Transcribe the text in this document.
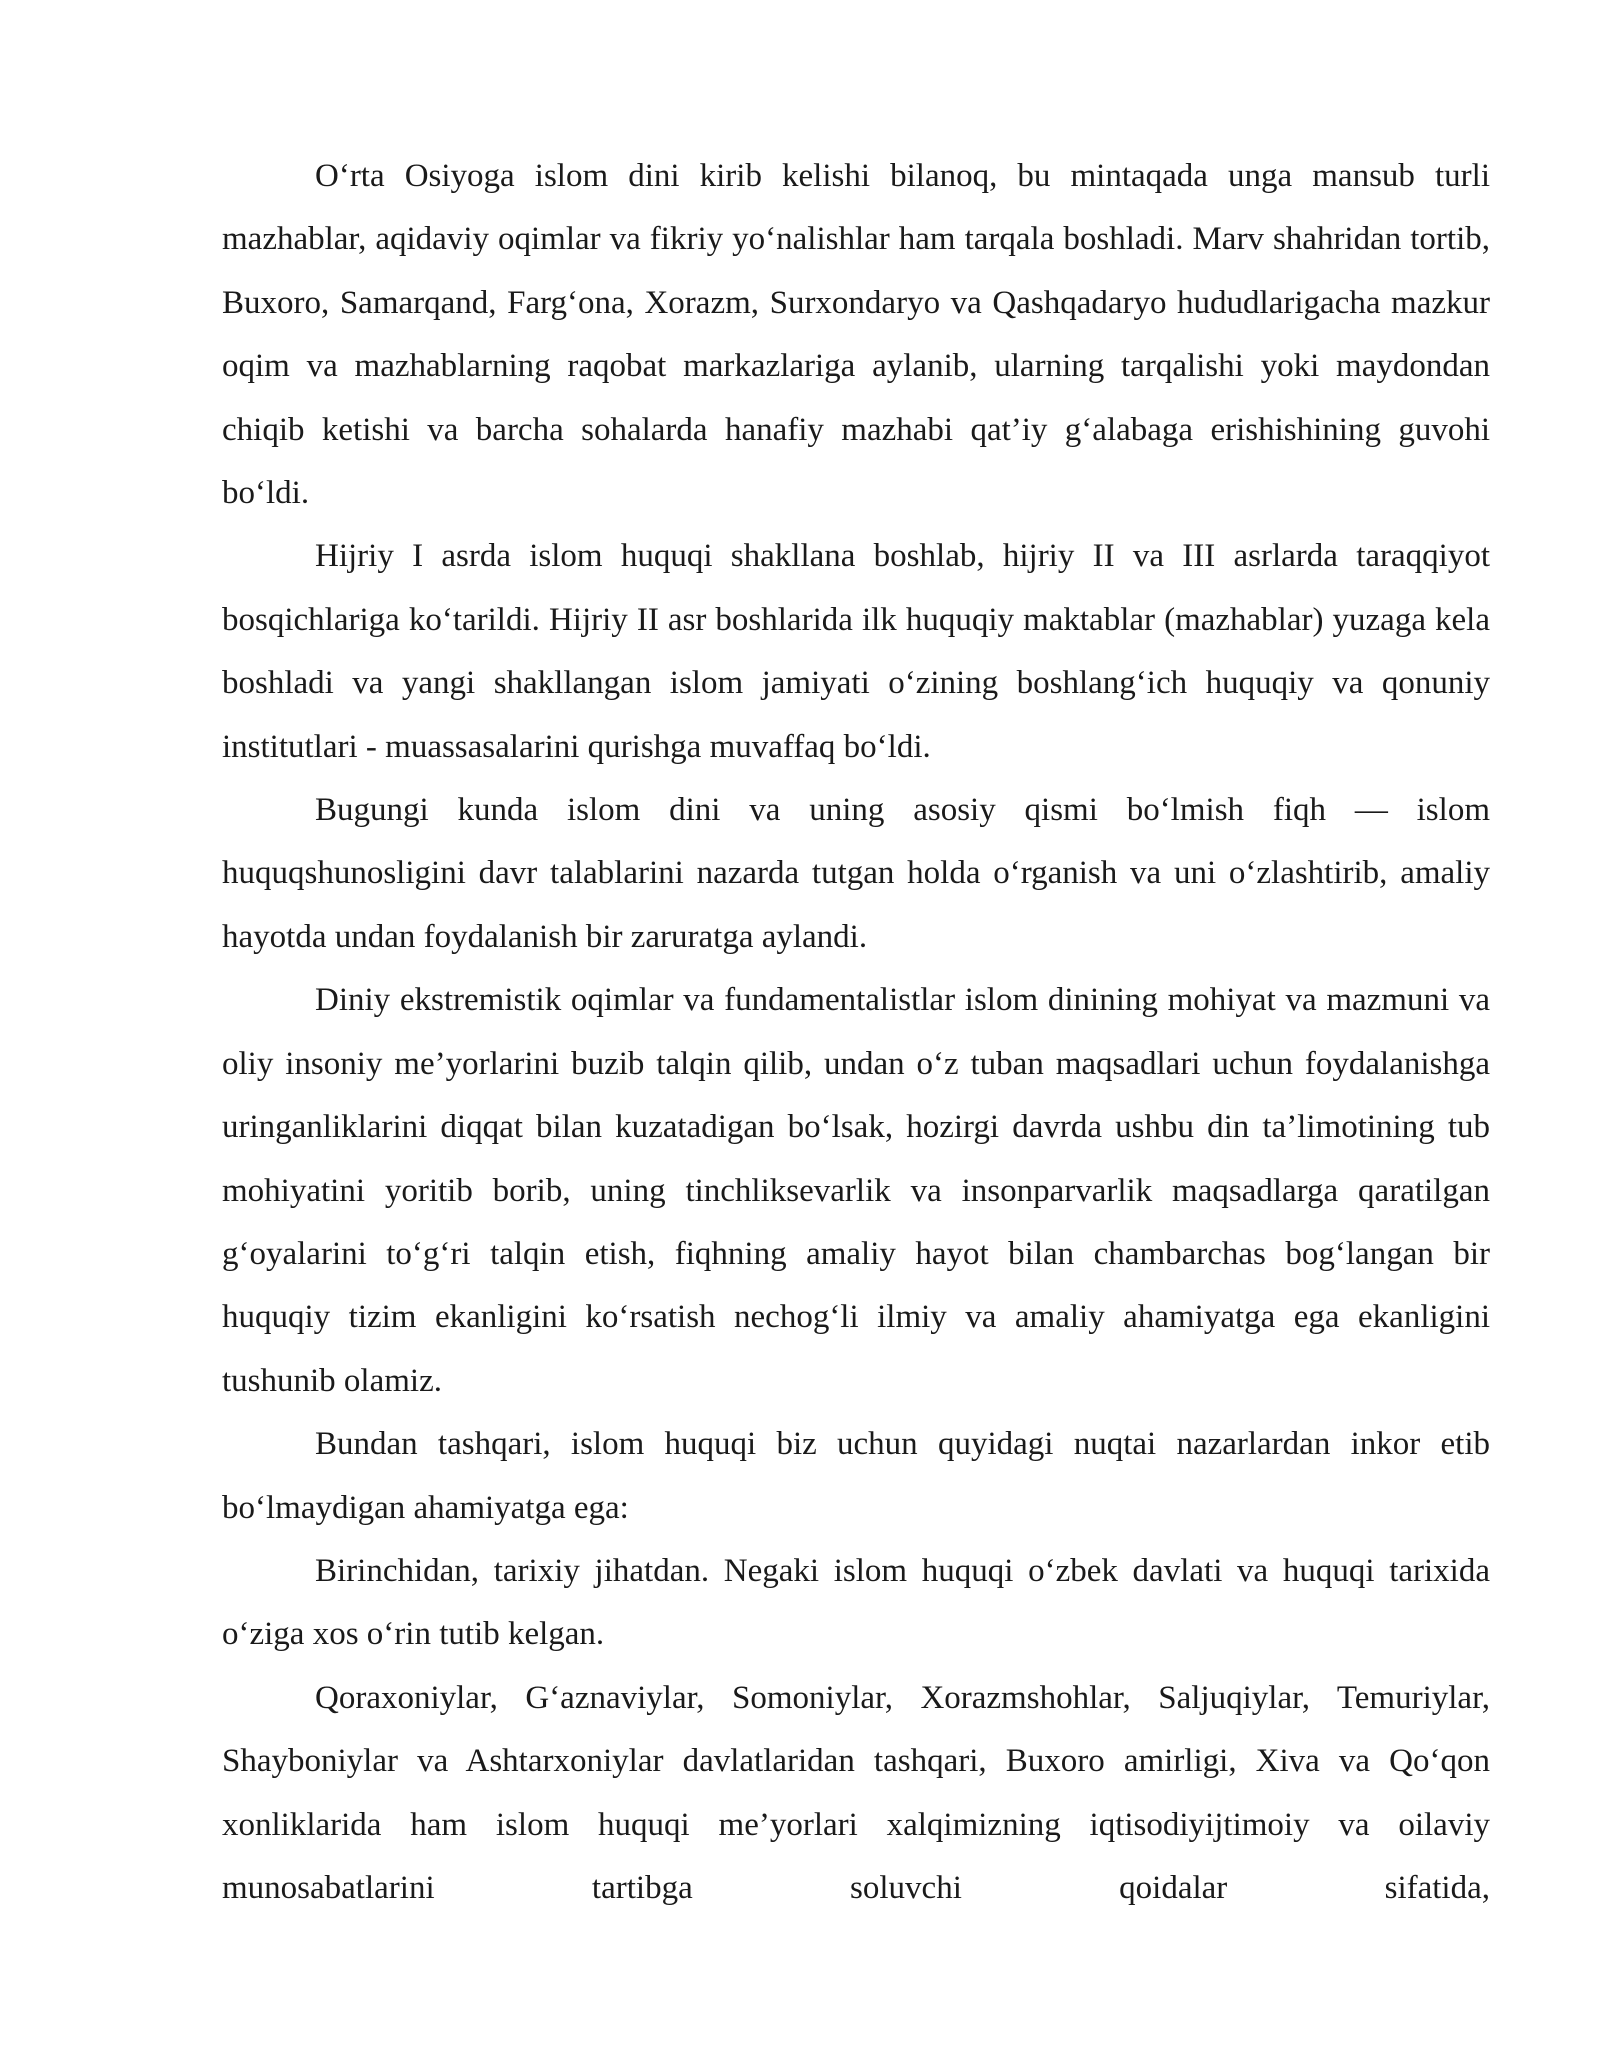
O‘rta Osiyoga islom dini kirib kelishi bilanoq, bu mintaqada unga mansub turli mazhablar, aqidaviy oqimlar va fikriy yo‘nalishlar ham tarqala boshladi. Marv shahridan tortib, Buxoro, Samarqand, Farg‘ona, Xorazm, Surxondaryo va Qashqadaryo hududlarigacha mazkur oqim va mazhablarning raqobat markazlariga aylanib, ularning tarqalishi yoki maydondan chiqib ketishi va barcha sohalarda hanafiy mazhabi qat’iy g‘alabaga erishishining guvohi bo‘ldi.

Hijriy I asrda islom huquqi shakllana boshlab, hijriy II va III asrlarda taraqqiyot bosqichlariga ko‘tarildi. Hijriy II asr boshlarida ilk huquqiy maktablar (mazhablar) yuzaga kela boshladi va yangi shakllangan islom jamiyati o‘zining boshlang‘ich huquqiy va qonuniy institutlari - muassasalarini qurishga muvaffaq bo‘ldi.

Bugungi kunda islom dini va uning asosiy qismi bo‘lmish fiqh — islom huquqshunosligini davr talablarini nazarda tutgan holda o‘rganish va uni o‘zlashtirib, amaliy hayotda undan foydalanish bir zaruratga aylandi.

Diniy ekstremistik oqimlar va fundamentalistlar islom dinining mohiyat va mazmuni va oliy insoniy me’yorlarini buzib talqin qilib, undan o‘z tuban maqsadlari uchun foydalanishga uringanliklarini diqqat bilan kuzatadigan bo‘lsak, hozirgi davrda ushbu din ta’limotining tub mohiyatini yoritib borib, uning tinchliksevarlik va insonparvarlik maqsadlarga qaratilgan g‘oyalarini to‘g‘ri talqin etish, fiqhning amaliy hayot bilan chambarchas bog‘langan bir huquqiy tizim ekanligini ko‘rsatish nechog‘li ilmiy va amaliy ahamiyatga ega ekanligini tushunib olamiz.

Bundan tashqari, islom huquqi biz uchun quyidagi nuqtai nazarlardan inkor etib bo‘lmaydigan ahamiyatga ega:

Birinchidan, tarixiy jihatdan. Negaki islom huquqi o‘zbek davlati va huquqi tarixida o‘ziga xos o‘rin tutib kelgan.

Qoraxoniylar, G‘aznaviylar, Somoniylar, Xorazmshohlar, Saljuqiylar, Temuriylar, Shayboniylar va Ashtarxoniylar davlatlaridan tashqari, Buxoro amirligi, Xiva va Qo‘qon xonliklarida ham islom huquqi me’yorlari xalqimizning iqtisodiyijtimoiy va oilaviy munosabatlarini tartibga soluvchi qoidalar sifatida,
